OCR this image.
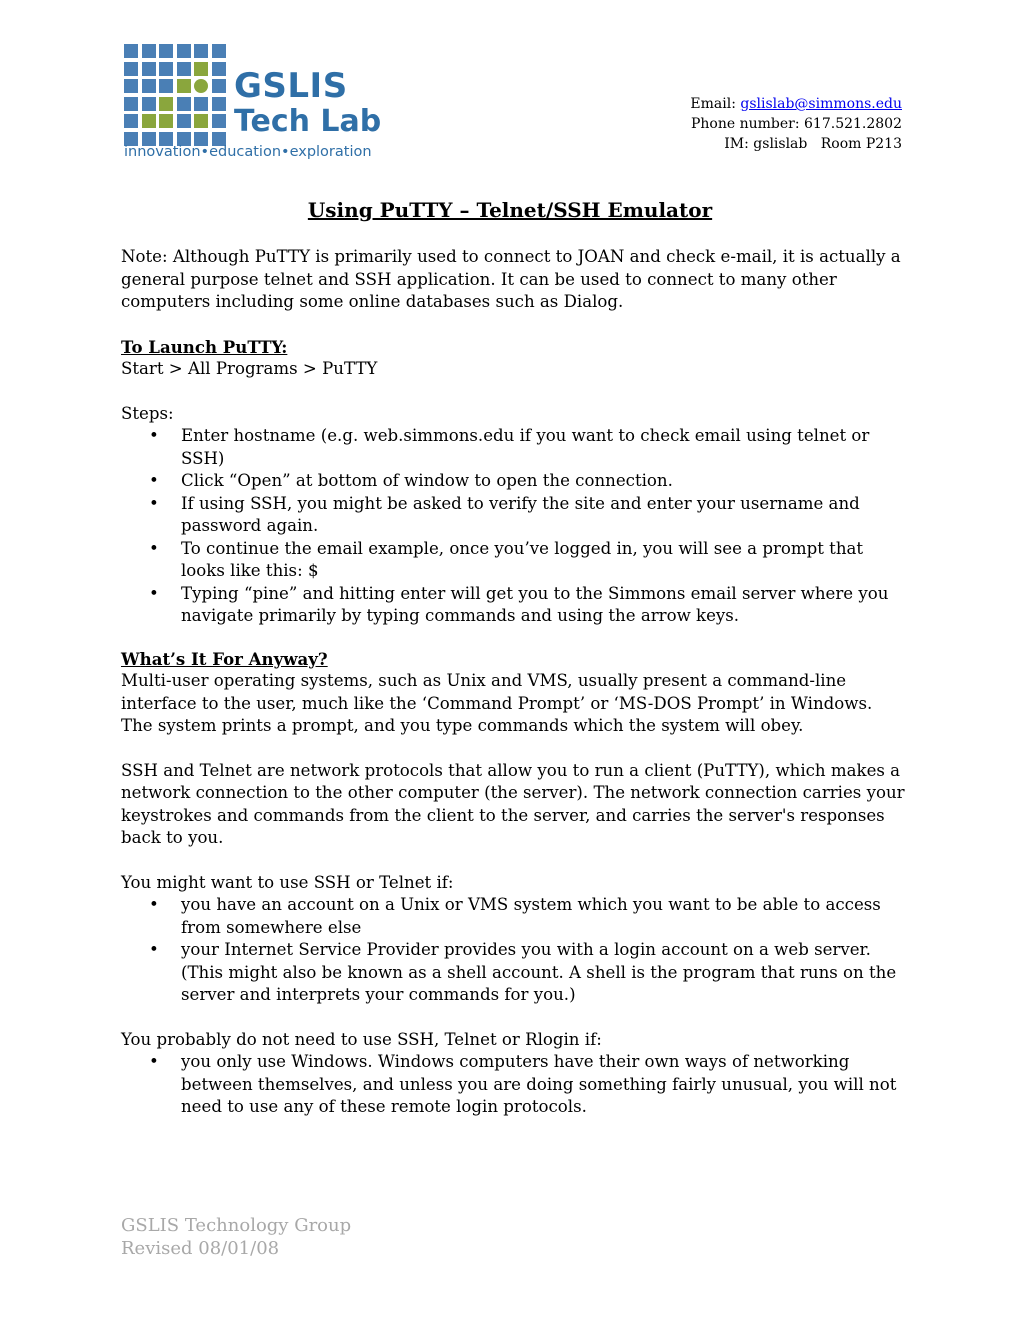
GSLIS
Tech Lab
innovation•education•exploration
Email: gslislab@simmons.edu
Phone number: 617.521.2802
IM: gslislab   Room P213
Using PuTTY – Telnet/SSH Emulator

Note: Although PuTTY is primarily used to connect to JOAN and check e-mail, it is actually a general purpose telnet and SSH application. It can be used to connect to many other computers including some online databases such as Dialog.

To Launch PuTTY:

Start > All Programs > PuTTY

Steps:

• Enter hostname (e.g. web.simmons.edu if you want to check email using telnet or SSH)
• Click “Open” at bottom of window to open the connection.
• If using SSH, you might be asked to verify the site and enter your username and password again.
• To continue the email example, once you’ve logged in, you will see a prompt that looks like this: $
• Typing “pine” and hitting enter will get you to the Simmons email server where you navigate primarily by typing commands and using the arrow keys.

What’s It For Anyway?

Multi-user operating systems, such as Unix and VMS, usually present a command-line interface to the user, much like the ‘Command Prompt’ or ‘MS-DOS Prompt’ in Windows. The system prints a prompt, and you type commands which the system will obey.

SSH and Telnet are network protocols that allow you to run a client (PuTTY), which makes a network connection to the other computer (the server). The network connection carries your keystrokes and commands from the client to the server, and carries the server's responses back to you.

You might want to use SSH or Telnet if:

• you have an account on a Unix or VMS system which you want to be able to access from somewhere else
• your Internet Service Provider provides you with a login account on a web server. (This might also be known as a shell account. A shell is the program that runs on the server and interprets your commands for you.)

You probably do not need to use SSH, Telnet or Rlogin if:

• you only use Windows. Windows computers have their own ways of networking between themselves, and unless you are doing something fairly unusual, you will not need to use any of these remote login protocols.
GSLIS Technology Group
Revised 08/01/08
